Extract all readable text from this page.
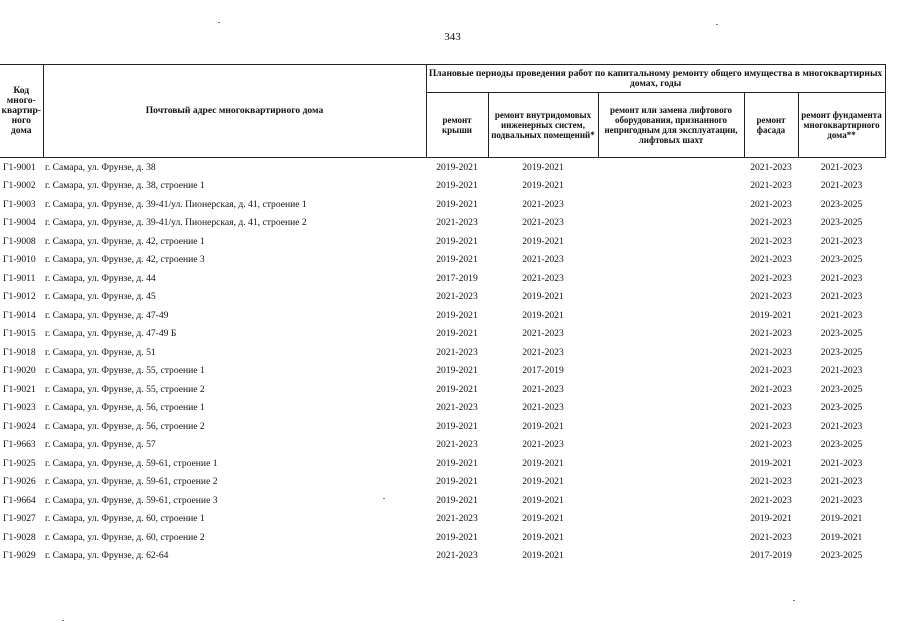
343
Код много-квартир-ного дома	Почтовый адрес многоквартирного дома	Плановые периоды проведения работ по капитальному ремонту общего имущества в многоквартирных домах, годы				
		ремонт крыши	ремонт внутридомовых инженерных систем, подвальных помещений*	ремонт или замена лифтового оборудования, признанного непригодным для эксплуатации, лифтовых шахт	ремонт фасада	ремонт фундамента многоквартирного дома**
Г1-9001	г. Самара, ул. Фрунзе, д. 38	2019-2021	2019-2021		2021-2023	2021-2023
Г1-9002	г. Самара, ул. Фрунзе, д. 38, строение 1	2019-2021	2019-2021		2021-2023	2021-2023
Г1-9003	г. Самара, ул. Фрунзе, д. 39-41/ул. Пионерская, д. 41, строение 1	2019-2021	2021-2023		2021-2023	2023-2025
Г1-9004	г. Самара, ул. Фрунзе, д. 39-41/ул. Пионерская, д. 41, строение 2	2021-2023	2021-2023		2021-2023	2023-2025
Г1-9008	г. Самара, ул. Фрунзе, д. 42, строение 1	2019-2021	2019-2021		2021-2023	2021-2023
Г1-9010	г. Самара, ул. Фрунзе, д. 42, строение 3	2019-2021	2021-2023		2021-2023	2023-2025
Г1-9011	г. Самара, ул. Фрунзе, д. 44	2017-2019	2021-2023		2021-2023	2021-2023
Г1-9012	г. Самара, ул. Фрунзе, д. 45	2021-2023	2019-2021		2021-2023	2021-2023
Г1-9014	г. Самара, ул. Фрунзе, д. 47-49	2019-2021	2019-2021		2019-2021	2021-2023
Г1-9015	г. Самара, ул. Фрунзе, д. 47-49 Б	2019-2021	2021-2023		2021-2023	2023-2025
Г1-9018	г. Самара, ул. Фрунзе, д. 51	2021-2023	2021-2023		2021-2023	2023-2025
Г1-9020	г. Самара, ул. Фрунзе, д. 55, строение 1	2019-2021	2017-2019		2021-2023	2021-2023
Г1-9021	г. Самара, ул. Фрунзе, д. 55, строение 2	2019-2021	2021-2023		2021-2023	2023-2025
Г1-9023	г. Самара, ул. Фрунзе, д. 56, строение 1	2021-2023	2021-2023		2021-2023	2023-2025
Г1-9024	г. Самара, ул. Фрунзе, д. 56, строение 2	2019-2021	2019-2021		2021-2023	2021-2023
Г1-9663	г. Самара, ул. Фрунзе, д. 57	2021-2023	2021-2023		2021-2023	2023-2025
Г1-9025	г. Самара, ул. Фрунзе, д. 59-61, строение 1	2019-2021	2019-2021		2019-2021	2021-2023
Г1-9026	г. Самара, ул. Фрунзе, д. 59-61, строение 2	2019-2021	2019-2021		2021-2023	2021-2023
Г1-9664	г. Самара, ул. Фрунзе, д. 59-61, строение 3	2019-2021	2019-2021		2021-2023	2021-2023
Г1-9027	г. Самара, ул. Фрунзе, д. 60, строение 1	2021-2023	2019-2021		2019-2021	2019-2021
Г1-9028	г. Самара, ул. Фрунзе, д. 60, строение 2	2019-2021	2019-2021		2021-2023	2019-2021
Г1-9029	г. Самара, ул. Фрунзе, д. 62-64	2021-2023	2019-2021		2017-2019	2023-2025
